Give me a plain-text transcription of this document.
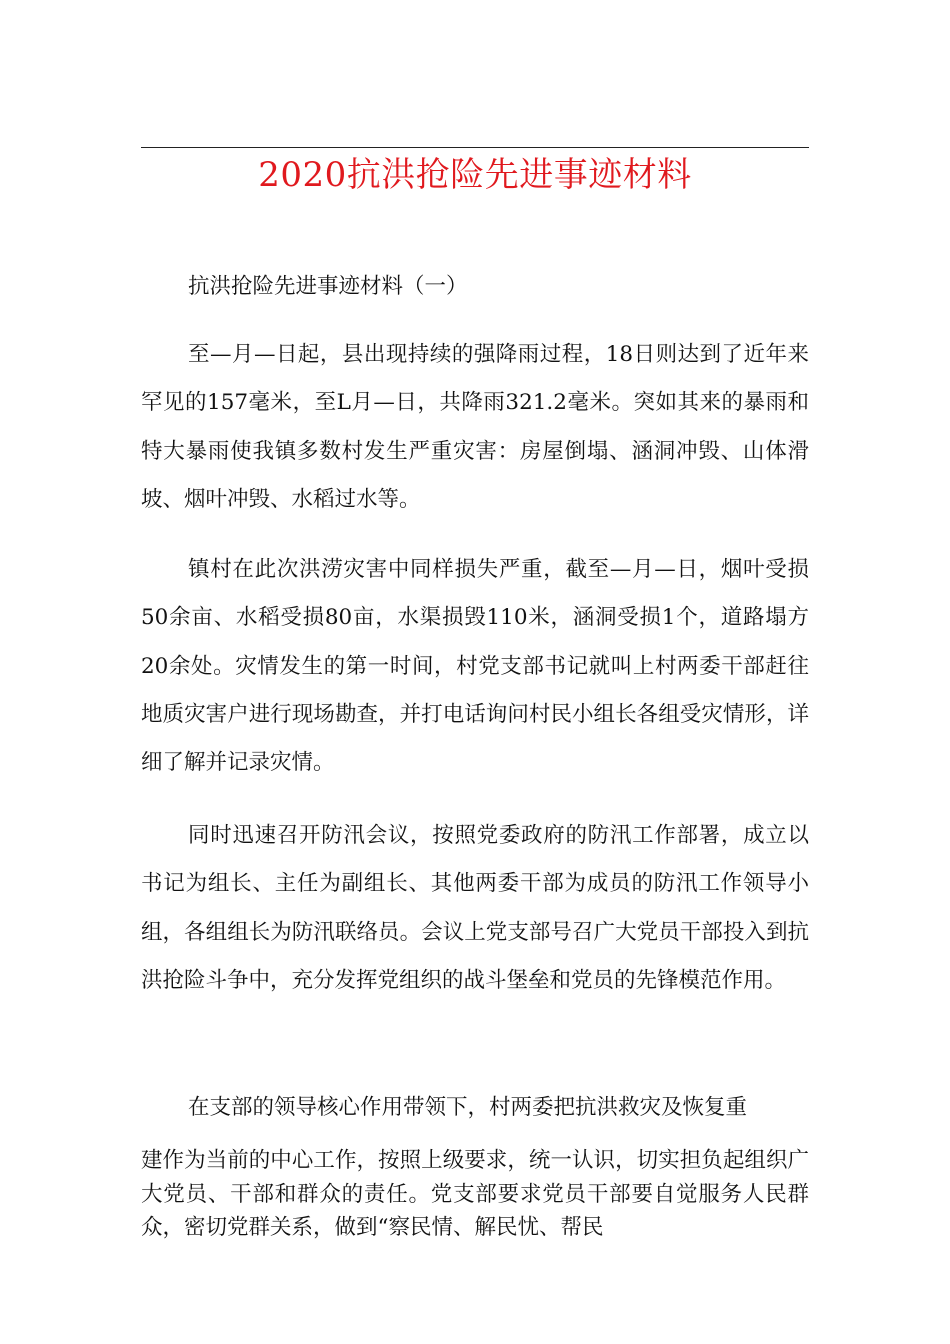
2020抗洪抢险先进事迹材料
抗洪抢险先进事迹材料（一）

至—月—日起，县出现持续的强降雨过程，18日则达到了近年来罕见的157毫米，至L月—日，共降雨321.2毫米。突如其来的暴雨和特大暴雨使我镇多数村发生严重灾害：房屋倒塌、涵洞冲毁、山体滑坡、烟叶冲毁、水稻过水等。

镇村在此次洪涝灾害中同样损失严重，截至—月—日，烟叶受损50余亩、水稻受损80亩，水渠损毁110米，涵洞受损1个，道路塌方20余处。灾情发生的第一时间，村党支部书记就叫上村两委干部赶往地质灾害户进行现场勘查，并打电话询问村民小组长各组受灾情形，详细了解并记录灾情。

同时迅速召开防汛会议，按照党委政府的防汛工作部署，成立以书记为组长、主任为副组长、其他两委干部为成员的防汛工作领导小组，各组组长为防汛联络员。会议上党支部号召广大党员干部投入到抗洪抢险斗争中，充分发挥党组织的战斗堡垒和党员的先锋模范作用。

在支部的领导核心作用带领下，村两委把抗洪救灾及恢复重

建作为当前的中心工作，按照上级要求，统一认识，切实担负起组织广大党员、干部和群众的责任。党支部要求党员干部要自觉服务人民群众，密切党群关系，做到“察民情、解民忧、帮民
